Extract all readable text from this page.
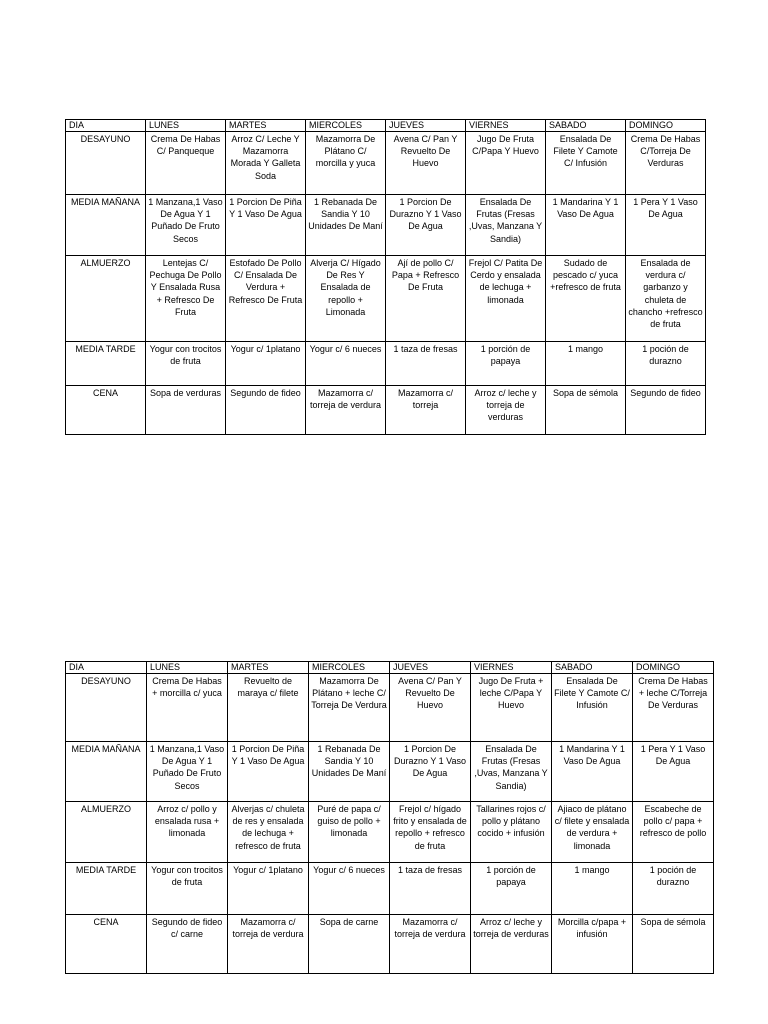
DIA	LUNES	MARTES	MIERCOLES	JUEVES	VIERNES	SABADO	DOMINGO
DESAYUNO	Crema De Habas C/ Panqueque	Arroz C/ Leche Y Mazamorra Morada Y Galleta Soda	Mazamorra De Plátano C/ morcilla y yuca	Avena C/ Pan Y Revuelto De Huevo	Jugo De Fruta C/Papa Y Huevo	Ensalada De Filete Y Camote C/ Infusión	Crema De Habas C/Torreja De Verduras
MEDIA MAÑANA	1 Manzana,1 Vaso De Agua Y 1 Puñado De Fruto Secos	1 Porcion De Piña Y 1 Vaso De Agua	1 Rebanada De Sandia Y 10 Unidades De Maní	1 Porcion De Durazno Y 1 Vaso De Agua	Ensalada De Frutas (Fresas ,Uvas, Manzana Y Sandia)	1 Mandarina Y 1 Vaso De Agua	1 Pera Y 1 Vaso De Agua
ALMUERZO	Lentejas C/ Pechuga De Pollo Y Ensalada Rusa + Refresco De Fruta	Estofado De Pollo C/ Ensalada De Verdura + Refresco De Fruta	Alverja C/ Hígado De Res Y Ensalada de repollo + Limonada	Ají de pollo C/ Papa + Refresco De Fruta	Frejol C/ Patita De Cerdo y ensalada de lechuga + limonada	Sudado de pescado c/ yuca +refresco de fruta	Ensalada de verdura c/ garbanzo y chuleta de chancho +refresco de fruta
MEDIA TARDE	Yogur con trocitos de fruta	Yogur c/ 1platano	Yogur c/ 6 nueces	1 taza de fresas	1 porción de papaya	1 mango	1 poción de durazno
CENA	Sopa de verduras	Segundo de fideo	Mazamorra c/ torreja de verdura	Mazamorra c/ torreja	Arroz c/ leche y torreja de verduras	Sopa de sémola	Segundo de fideo
DIA	LUNES	MARTES	MIERCOLES	JUEVES	VIERNES	SABADO	DOMINGO
DESAYUNO	Crema De Habas + morcilla c/ yuca	Revuelto de maraya c/ filete	Mazamorra De Plátano + leche C/ Torreja De Verdura	Avena C/ Pan Y Revuelto De Huevo	Jugo De Fruta + leche C/Papa Y Huevo	Ensalada De Filete Y Camote C/ Infusión	Crema De Habas + leche C/Torreja De Verduras
MEDIA MAÑANA	1 Manzana,1 Vaso De Agua Y 1 Puñado De Fruto Secos	1 Porcion De Piña Y 1 Vaso De Agua	1 Rebanada De Sandia Y 10 Unidades De Maní	1 Porcion De Durazno Y 1 Vaso De Agua	Ensalada De Frutas (Fresas ,Uvas, Manzana Y Sandia)	1 Mandarina Y 1 Vaso De Agua	1 Pera Y 1 Vaso De Agua
ALMUERZO	Arroz c/ pollo y ensalada rusa + limonada	Alverjas c/ chuleta de res y ensalada de lechuga + refresco de fruta	Puré de papa c/ guiso de pollo + limonada	Frejol c/ hígado frito y ensalada de repollo + refresco de fruta	Tallarines rojos c/ pollo y plátano cocido + infusión	Ajiaco de plátano c/ filete y ensalada de verdura + limonada	Escabeche de pollo c/ papa + refresco de pollo
MEDIA TARDE	Yogur con trocitos de fruta	Yogur c/ 1platano	Yogur c/ 6 nueces	1 taza de fresas	1 porción de papaya	1 mango	1 poción de durazno
CENA	Segundo de fideo c/ carne	Mazamorra c/ torreja de verdura	Sopa de carne	Mazamorra c/ torreja de verdura	Arroz c/ leche y torreja de verduras	Morcilla c/papa + infusión	Sopa de sémola
